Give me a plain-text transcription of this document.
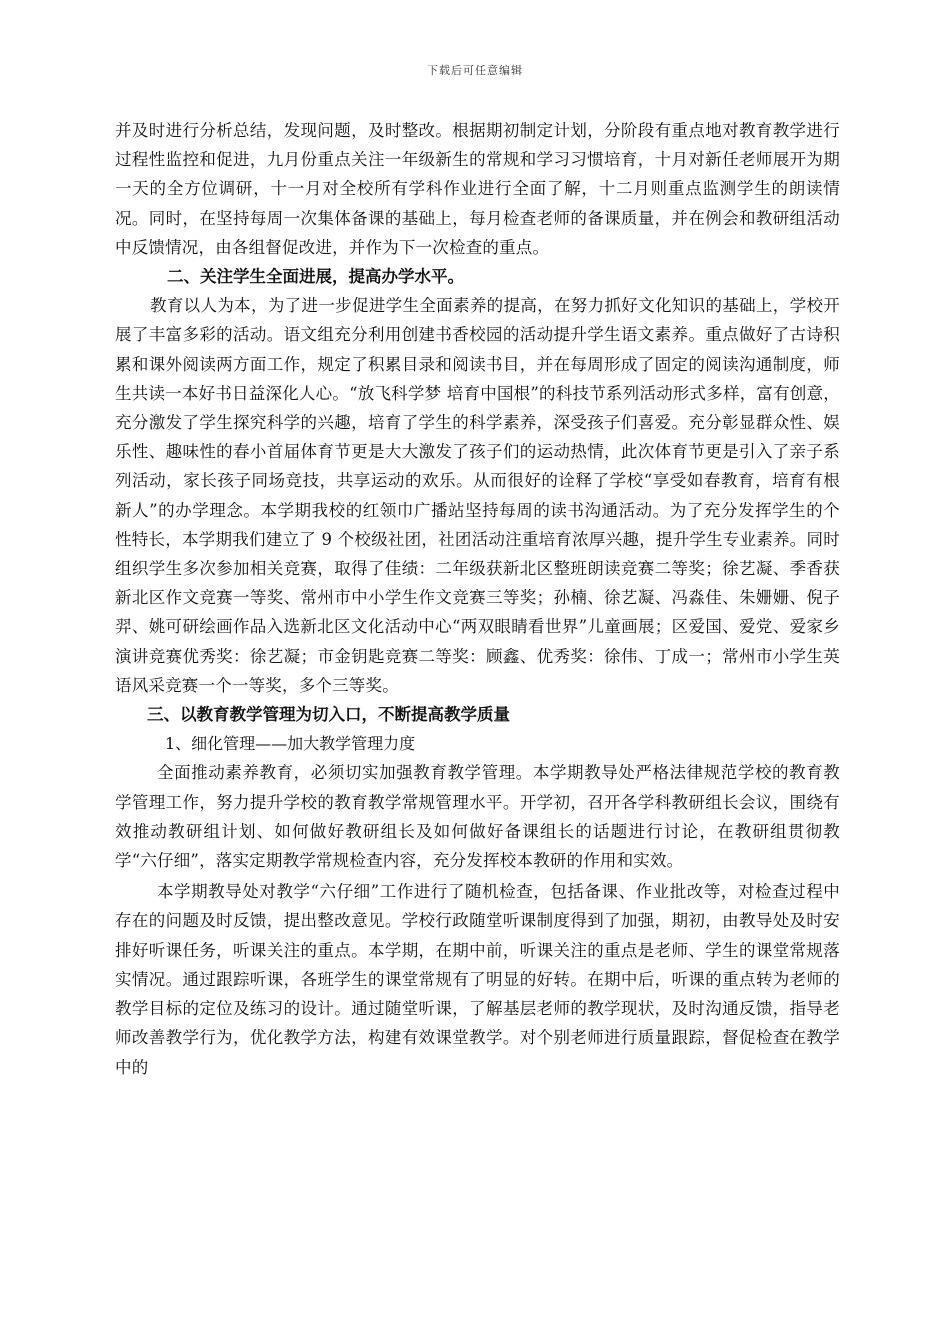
下载后可任意编辑

并及时进行分析总结，发现问题，及时整改。根据期初制定计划，分阶段有重点地对教育教学进行过程性监控和促进，九月份重点关注一年级新生的常规和学习习惯培育，十月对新任老师展开为期一天的全方位调研，十一月对全校所有学科作业进行全面了解，十二月则重点监测学生的朗读情况。同时，在坚持每周一次集体备课的基础上，每月检查老师的备课质量，并在例会和教研组活动中反馈情况，由各组督促改进，并作为下一次检查的重点。

二、关注学生全面进展，提高办学水平。

教育以人为本，为了进一步促进学生全面素养的提高，在努力抓好文化知识的基础上，学校开展了丰富多彩的活动。语文组充分利用创建书香校园的活动提升学生语文素养。重点做好了古诗积累和课外阅读两方面工作，规定了积累目录和阅读书目，并在每周形成了固定的阅读沟通制度，师生共读一本好书日益深化人心。“放飞科学梦 培育中国根”的科技节系列活动形式多样，富有创意，充分激发了学生探究科学的兴趣，培育了学生的科学素养，深受孩子们喜爱。充分彰显群众性、娱乐性、趣味性的春小首届体育节更是大大激发了孩子们的运动热情，此次体育节更是引入了亲子系列活动，家长孩子同场竞技，共享运动的欢乐。从而很好的诠释了学校“享受如春教育，培育有根新人”的办学理念。本学期我校的红领巾广播站坚持每周的读书沟通活动。为了充分发挥学生的个性特长，本学期我们建立了 9 个校级社团，社团活动注重培育浓厚兴趣，提升学生专业素养。同时组织学生多次参加相关竞赛，取得了佳绩：二年级获新北区整班朗读竞赛二等奖；徐艺凝、季香获新北区作文竞赛一等奖、常州市中小学生作文竞赛三等奖；孙楠、徐艺凝、冯淼佳、朱姗姗、倪子羿、姚可研绘画作品入选新北区文化活动中心“两双眼睛看世界”儿童画展；区爱国、爱党、爱家乡演讲竞赛优秀奖：徐艺凝；市金钥匙竞赛二等奖：顾鑫、优秀奖：徐伟、丁成一；常州市小学生英语风采竞赛一个一等奖，多个三等奖。

三、以教育教学管理为切入口，不断提高教学质量

1、细化管理——加大教学管理力度

全面推动素养教育，必须切实加强教育教学管理。本学期教导处严格法律规范学校的教育教学管理工作，努力提升学校的教育教学常规管理水平。开学初，召开各学科教研组长会议，围绕有效推动教研组计划、如何做好教研组长及如何做好备课组长的话题进行讨论，在教研组贯彻教学“六仔细”，落实定期教学常规检查内容，充分发挥校本教研的作用和实效。

本学期教导处对教学“六仔细”工作进行了随机检查，包括备课、作业批改等，对检查过程中存在的问题及时反馈，提出整改意见。学校行政随堂听课制度得到了加强，期初，由教导处及时安排好听课任务，听课关注的重点。本学期，在期中前，听课关注的重点是老师、学生的课堂常规落实情况。通过跟踪听课，各班学生的课堂常规有了明显的好转。在期中后，听课的重点转为老师的教学目标的定位及练习的设计。通过随堂听课，了解基层老师的教学现状，及时沟通反馈，指导老师改善教学行为，优化教学方法，构建有效课堂教学。对个别老师进行质量跟踪，督促检查在教学中的
